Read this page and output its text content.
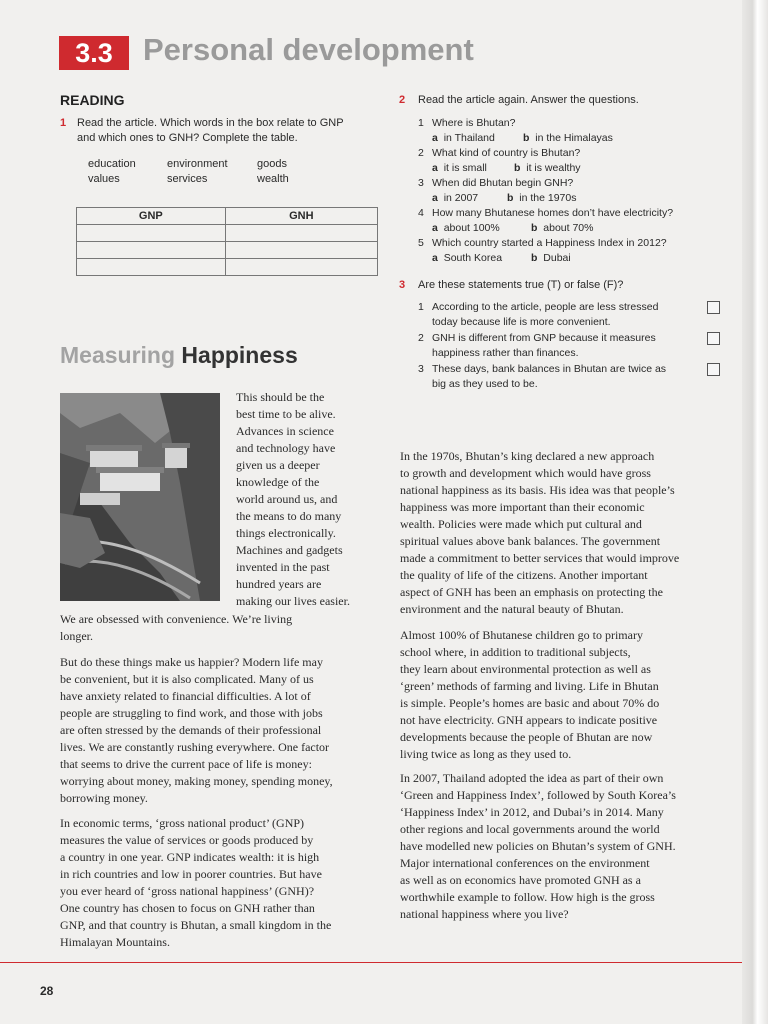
3.3 Personal development
READING
1 Read the article. Which words in the box relate to GNP
and which ones to GNH? Complete the table.
education	environment	goods
values	services	wealth
GNP	GNH

2 Read the article again. Answer the questions.
1 Where is Bhutan?
a in Thailand	b in the Himalayas
2 What kind of country is Bhutan?
a it is small	b it is wealthy
3 When did Bhutan begin GNH?
a in 2007	b in the 1970s
4 How many Bhutanese homes don’t have electricity?
a about 100%	b about 70%
5 Which country started a Happiness Index in 2012?
a South Korea	b Dubai
3 Are these statements true (T) or false (F)?
1 According to the article, people are less stressed
today because life is more convenient.
2 GNH is different from GNP because it measures
happiness rather than finances.
3 These days, bank balances in Bhutan are twice as
big as they used to be.
Measuring Happiness
This should be the
best time to be alive.
Advances in science
and technology have
given us a deeper
knowledge of the
world around us, and
the means to do many
things electronically.
Machines and gadgets
invented in the past
hundred years are
making our lives easier.
We are obsessed with convenience. We’re living
longer.
But do these things make us happier? Modern life may
be convenient, but it is also complicated. Many of us
have anxiety related to financial difficulties. A lot of
people are struggling to find work, and those with jobs
are often stressed by the demands of their professional
lives. We are constantly rushing everywhere. One factor
that seems to drive the current pace of life is money:
worrying about money, making money, spending money,
borrowing money.
In economic terms, ‘gross national product’ (GNP)
measures the value of services or goods produced by
a country in one year. GNP indicates wealth: it is high
in rich countries and low in poorer countries. But have
you ever heard of ‘gross national happiness’ (GNH)?
One country has chosen to focus on GNH rather than
GNP, and that country is Bhutan, a small kingdom in the
Himalayan Mountains.
In the 1970s, Bhutan’s king declared a new approach
to growth and development which would have gross
national happiness as its basis. His idea was that people’s
happiness was more important than their economic
wealth. Policies were made which put cultural and
spiritual values above bank balances. The government
made a commitment to better services that would improve
the quality of life of the citizens. Another important
aspect of GNH has been an emphasis on protecting the
environment and the natural beauty of Bhutan.
Almost 100% of Bhutanese children go to primary
school where, in addition to traditional subjects,
they learn about environmental protection as well as
‘green’ methods of farming and living. Life in Bhutan
is simple. People’s homes are basic and about 70% do
not have electricity. GNH appears to indicate positive
developments because the people of Bhutan are now
living twice as long as they used to.
In 2007, Thailand adopted the idea as part of their own
‘Green and Happiness Index’, followed by South Korea’s
‘Happiness Index’ in 2012, and Dubai’s in 2014. Many
other regions and local governments around the world
have modelled new policies on Bhutan’s system of GNH.
Major international conferences on the environment
as well as on economics have promoted GNH as a
worthwhile example to follow. How high is the gross
national happiness where you live?
28
